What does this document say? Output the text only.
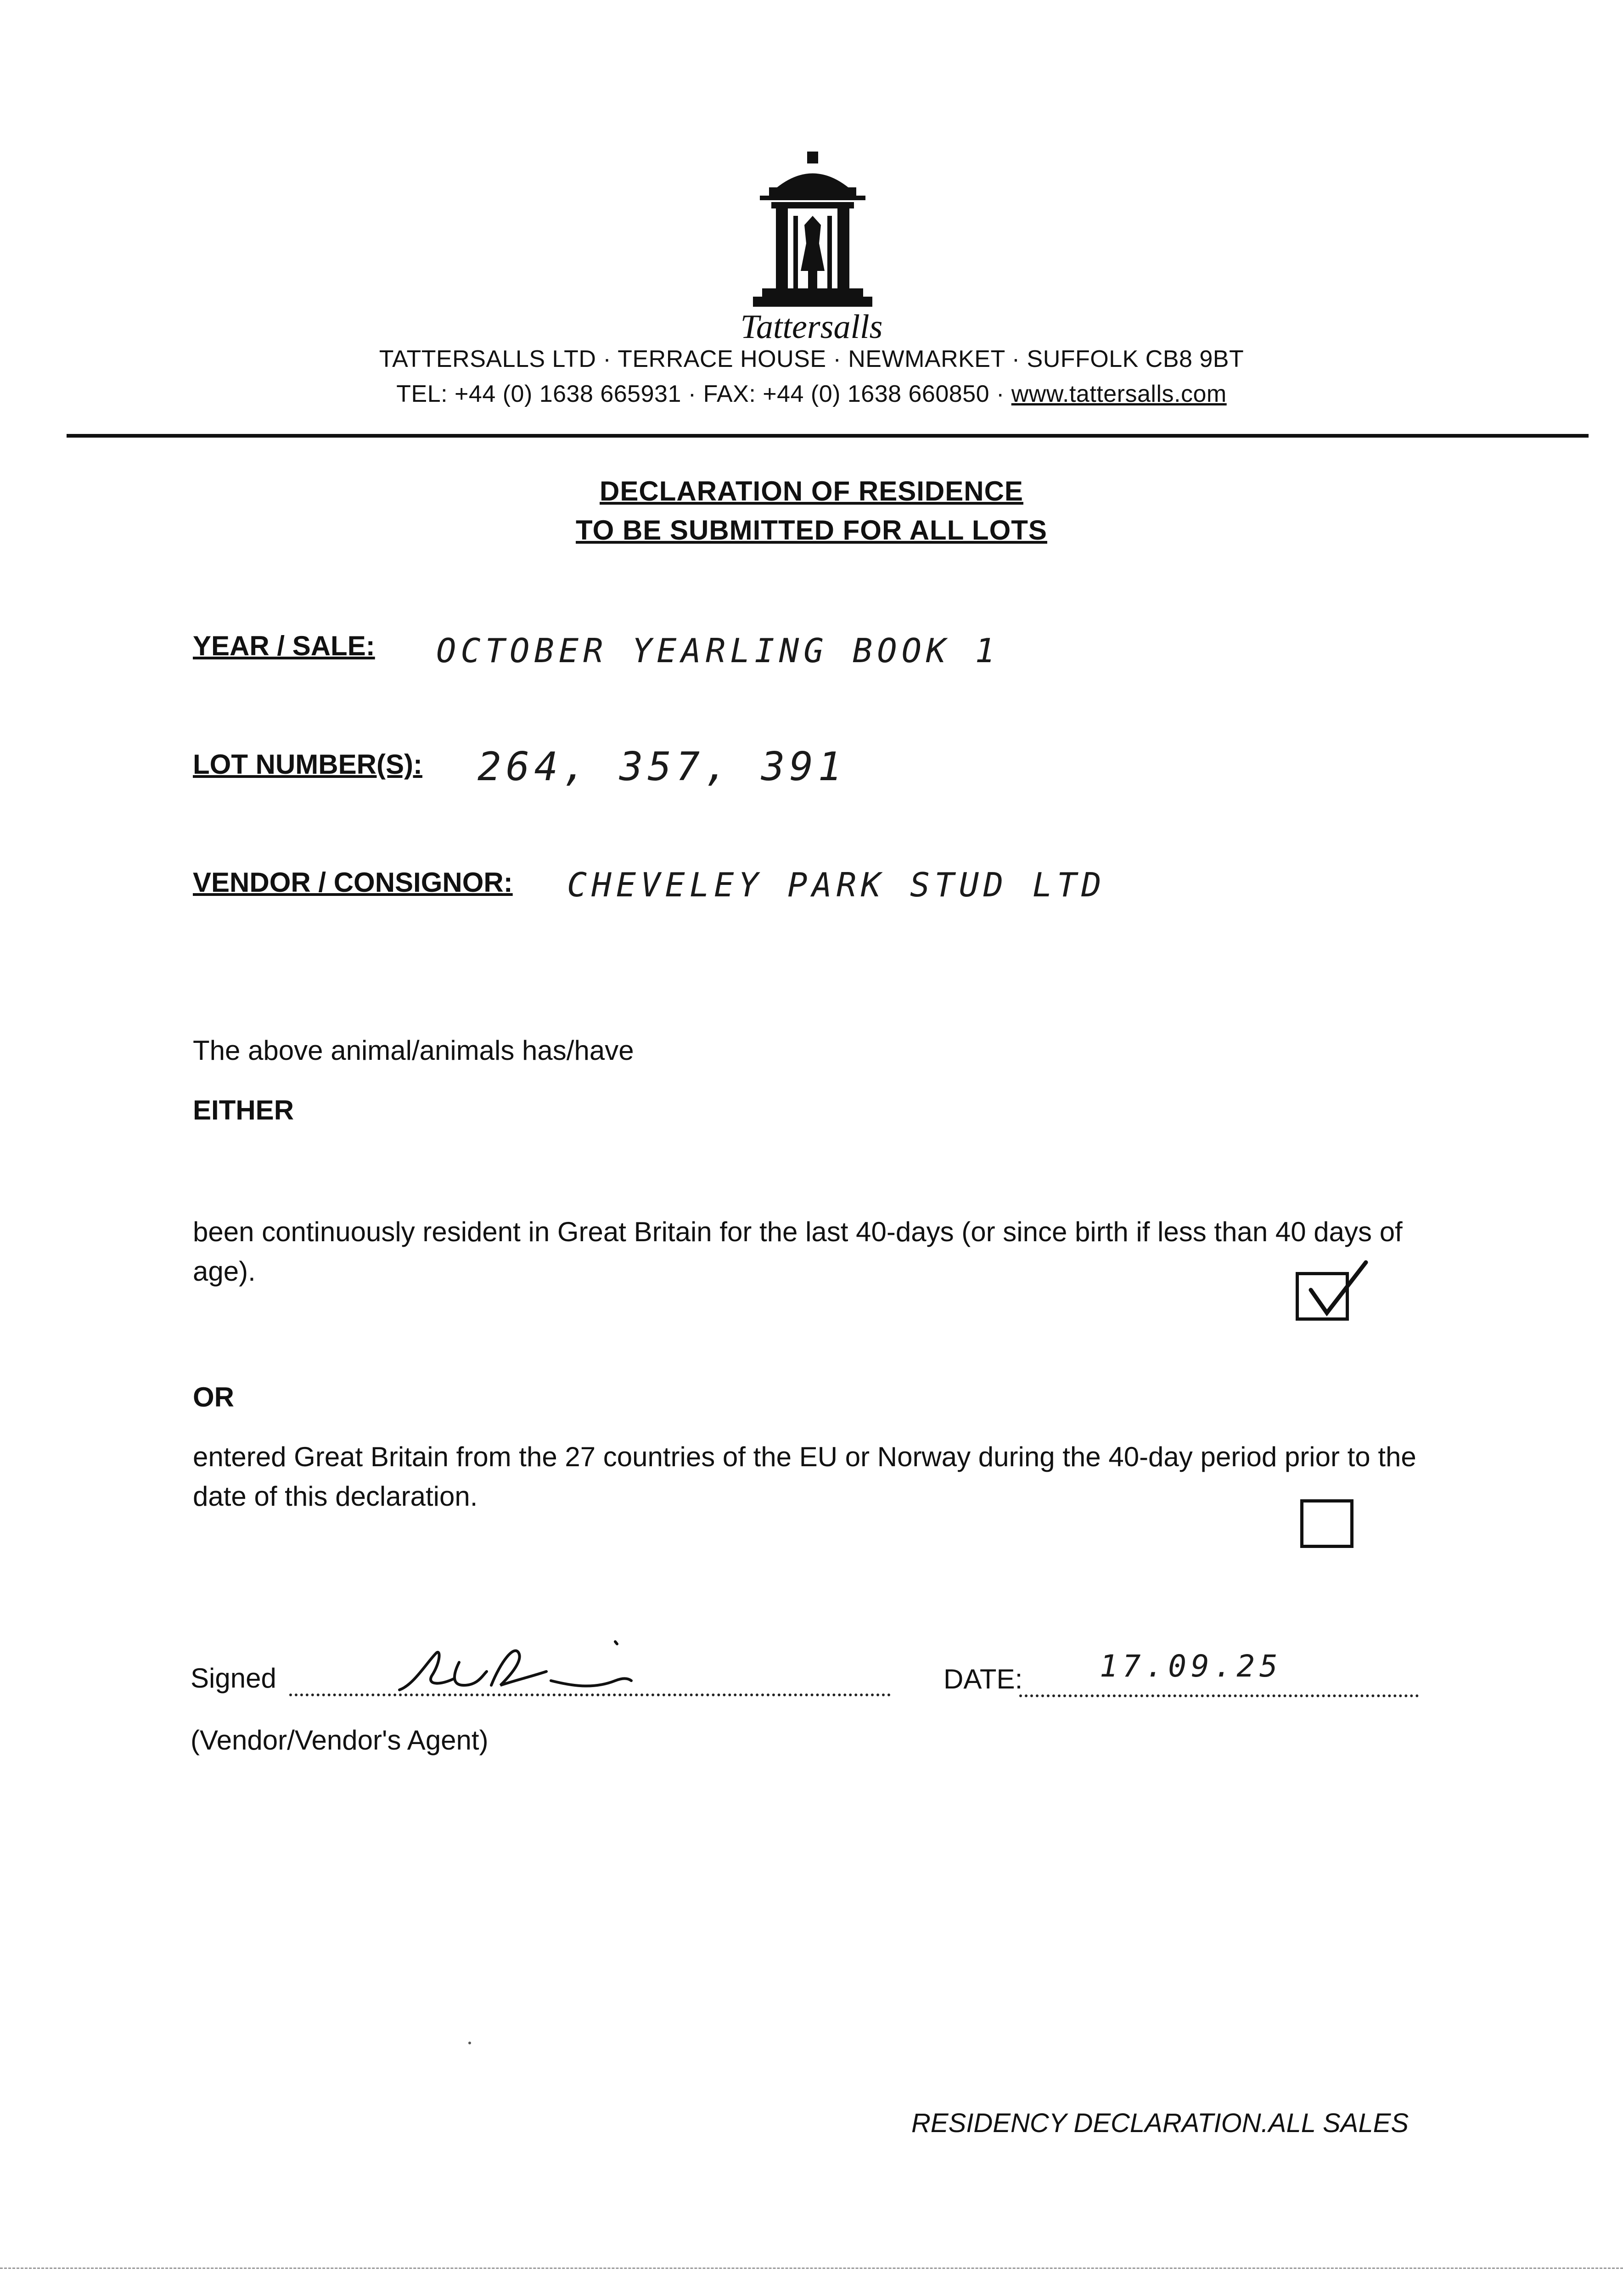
Tattersalls
TATTERSALLS LTD · TERRACE HOUSE · NEWMARKET · SUFFOLK CB8 9BT
TEL: +44 (0) 1638 665931 · FAX: +44 (0) 1638 660850 · www.tattersalls.com
DECLARATION OF RESIDENCE
TO BE SUBMITTED FOR ALL LOTS
YEAR / SALE: OCTOBER YEARLING BOOK 1
LOT NUMBER(S): 264, 357, 391
VENDOR / CONSIGNOR: CHEVELEY PARK STUD LTD
The above animal/animals has/have
EITHER
been continuously resident in Great Britain for the last 40-days (or since birth if less than 40 days of age).
OR
entered Great Britain from the 27 countries of the EU or Norway during the 40-day period prior to the date of this declaration.
Signed	DATE:	17.09.25
(Vendor/Vendor's Agent)
RESIDENCY DECLARATION.ALL SALES
